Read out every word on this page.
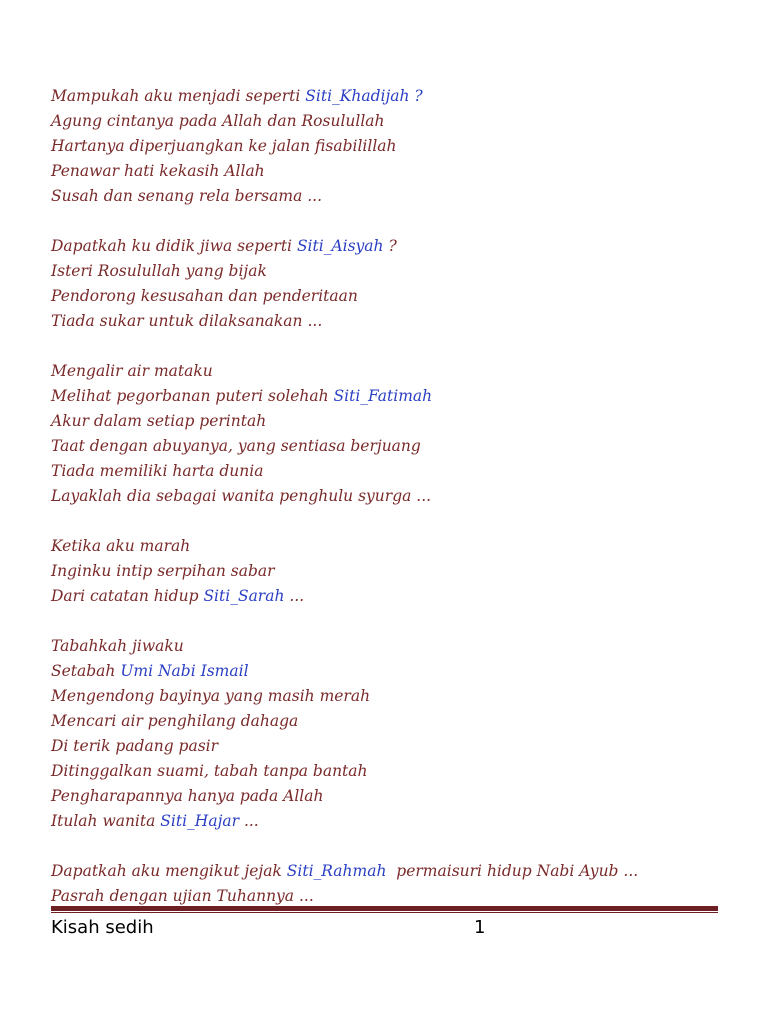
Mampukah aku menjadi seperti Siti_Khadijah ?
Agung cintanya pada Allah dan Rosulullah
Hartanya diperjuangkan ke jalan fisabilillah
Penawar hati kekasih Allah
Susah dan senang rela bersama ...
Dapatkah ku didik jiwa seperti Siti_Aisyah ?
Isteri Rosulullah yang bijak
Pendorong kesusahan dan penderitaan
Tiada sukar untuk dilaksanakan ...
Mengalir air mataku
Melihat pegorbanan puteri solehah Siti_Fatimah
Akur dalam setiap perintah
Taat dengan abuyanya, yang sentiasa berjuang
Tiada memiliki harta dunia
Layaklah dia sebagai wanita penghulu syurga ...
Ketika aku marah
Inginku intip serpihan sabar
Dari catatan hidup Siti_Sarah ...
Tabahkah jiwaku
Setabah Umi Nabi Ismail
Mengendong bayinya yang masih merah
Mencari air penghilang dahaga
Di terik padang pasir
Ditinggalkan suami, tabah tanpa bantah
Pengharapannya hanya pada Allah
Itulah wanita Siti_Hajar ...
Dapatkah aku mengikut jejak Siti_Rahmah  permaisuri hidup Nabi Ayub ...
Pasrah dengan ujian Tuhannya ...
Kisah sedih	1
